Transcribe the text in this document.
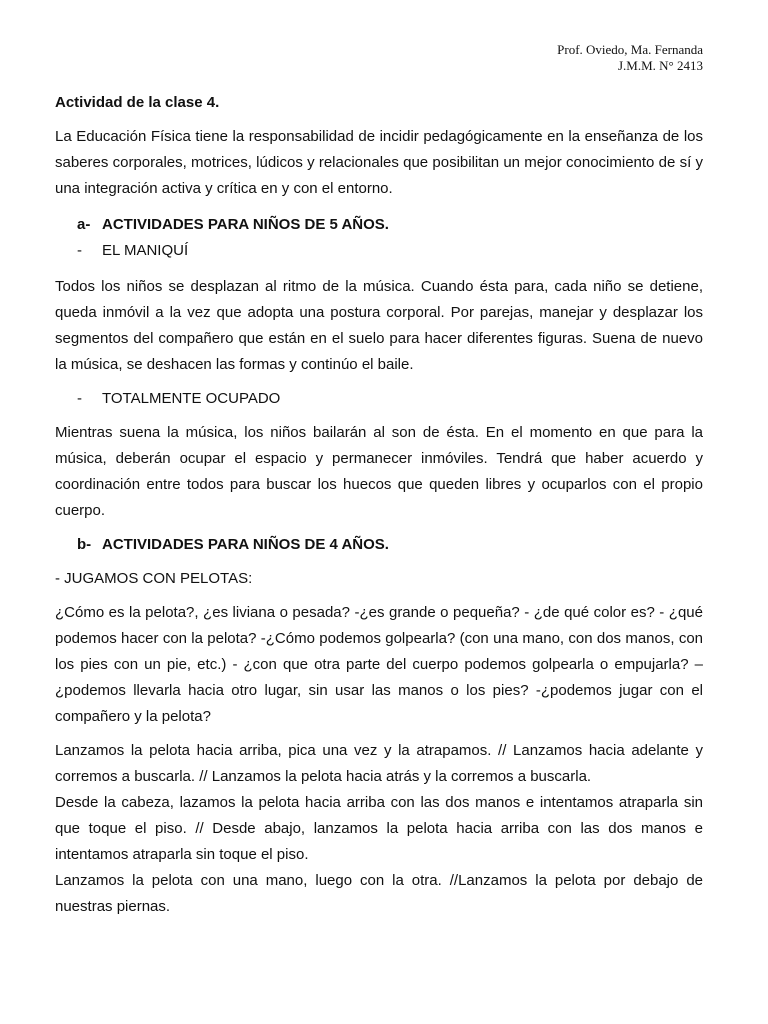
Prof. Oviedo, Ma. Fernanda
J.M.M. N° 2413

Actividad de la clase 4.

La Educación Física tiene la responsabilidad de incidir pedagógicamente en la enseñanza de los saberes corporales, motrices, lúdicos y relacionales que posibilitan un mejor conocimiento de sí y una integración activa y crítica en y con el entorno.

a- ACTIVIDADES PARA NIÑOS DE 5 AÑOS.
-	EL MANIQUÍ

Todos los niños se desplazan al ritmo de la música. Cuando ésta para, cada niño se detiene, queda inmóvil a la vez que adopta una postura corporal. Por parejas, manejar y desplazar los segmentos del compañero que están en el suelo para hacer diferentes figuras. Suena de nuevo la música, se deshacen las formas y continúo el baile.

-	TOTALMENTE OCUPADO

Mientras suena la música, los niños bailarán al son de ésta. En el momento en que para la música, deberán ocupar el espacio y permanecer inmóviles. Tendrá que haber acuerdo y coordinación entre todos para buscar los huecos que queden libres y ocuparlos con el propio cuerpo.

b- ACTIVIDADES PARA NIÑOS DE 4 AÑOS.

- JUGAMOS CON PELOTAS:

¿Cómo es la pelota?, ¿es liviana o pesada? -¿es grande o pequeña? - ¿de qué color es? - ¿qué podemos hacer con la pelota? -¿Cómo podemos golpearla? (con una mano, con dos manos, con los pies con un pie, etc.) - ¿con que otra parte del cuerpo podemos golpearla o empujarla? – ¿podemos llevarla hacia otro lugar, sin usar las manos o los pies? -¿podemos jugar con el compañero y la pelota?

Lanzamos la pelota hacia arriba, pica una vez y la atrapamos. // Lanzamos hacia adelante y corremos a buscarla. // Lanzamos la pelota hacia atrás y la corremos a buscarla.

Desde la cabeza, lazamos la pelota hacia arriba con las dos manos e intentamos atraparla sin que toque el piso. // Desde abajo, lanzamos la pelota hacia arriba con las dos manos e intentamos atraparla sin toque el piso.

Lanzamos la pelota con una mano, luego con la otra. //Lanzamos la pelota por debajo de nuestras piernas.
